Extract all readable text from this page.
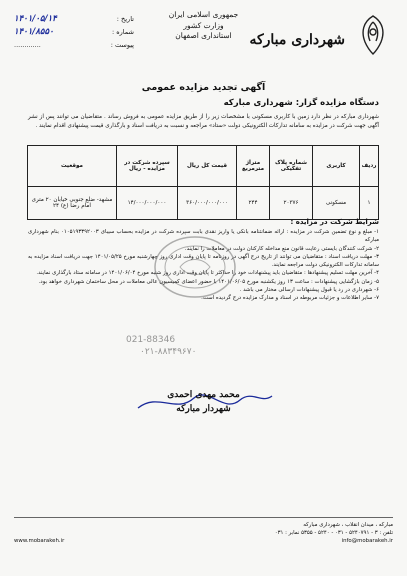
تاریخ :
۱۴۰۱/۰۵/۱۴
شماره :
۱۴۰۱/۸۵۵۰
پیوست :
.............
جمهوری اسلامی ایران
وزارت کشور
استانداری اصفهان	شهرداری مبارکه
آگهی تجدید مزایده عمومی
دستگاه مزایده گزار: شهرداری مبارکه
شهرداری مبارکه در نظر دارد زمین با کاربری مسکونی با مشخصات زیر را از طریق مزایده عمومی به فروش رساند . متقاضیان می توانند پس از نشر آگهی جهت شرکت در مزایده به سامانه تدارکات الکترونیکی دولت «ستاد» مراجعه و نسبت به دریافت اسناد و بارگذاری قیمت پیشنهادی اقدام نمایند .
ردیف	کاربری	شماره پلاک تفکیکی	متراژ مترمربع	قیمت کل ریال	سپرده شرکت در مزایده - ریال	موقعیت
۱	مسکونی	۲۰۳۷۶	۲۴۴	۳۶۰/۰۰۰/۰۰۰/۰۰۰	۱۴/۰۰۰/۰۰۰/۰۰۰	مشهد- ضلع جنوبی خیابان ۲۰ متری امام رضا (ع) ۲۴
شرایط شرکت در مزایده :

۱- مبلغ و نوع تضمین شرکت در مزایده : ارائه ضمانتنامه بانکی یا واریز نقدی بابت سپرده شرکت در مزایده بحساب سیبای ۰۱۰۵۱۹۳۳۹۲۰۰۳ بنام شهرداری مبارکه

۲- شرکت کنندگان بایستی رعایت قانون منع مداخله کارکنان دولت در معاملات را نمایند.

۳- مهلت دریافت اسناد : متقاضیان می توانند از تاریخ درج آگهی در روزنامه تا پایان وقت اداری روز چهارشنبه مورخ ۱۴۰۱/۰۵/۲۵ جهت دریافت اسناد مزایده به سامانه تدارکات الکترونیکی دولت مراجعه نمایند.

۴- آخرین مهلت تسلیم پیشنهادها : متقاضیان باید پیشنهادات خود را حداکثر تا پایان وقت اداری روز شنبه مورخ ۱۴۰۱/۰۶/۰۴ در سامانه ستاد بارگذاری نمایند.

۵- زمان بازگشایی پیشنهادات : ساعت ۱۳ روز یکشنبه مورخ ۱۴۰۱/۰۶/۰۵ با حضور اعضای کمیسیون عالی معاملات در محل ساختمان شهرداری خواهد بود.

۶- شهرداری در رد یا قبول پیشنهادات ارسالی مختار می باشد .

۷- سایر اطلاعات و جزئیات مربوطه در اسناد و مدارک مزایده درج گردیده است.

021-88346
۰۲۱-۸۸۳۴۹۶۷۰
محمد مهدی احمدی
شهردار مبارکه
مبارکه ، میدان انقلاب ، شهرداری مبارکه
تلفن : ۳ - ۵۲۴۰۷۹۱ - ۰۳۱ - ۵۲۴۰ - ۵۳۵۵ نمابر : ۰۳۱
info@mobarakeh.ir
www.mobarakeh.ir
